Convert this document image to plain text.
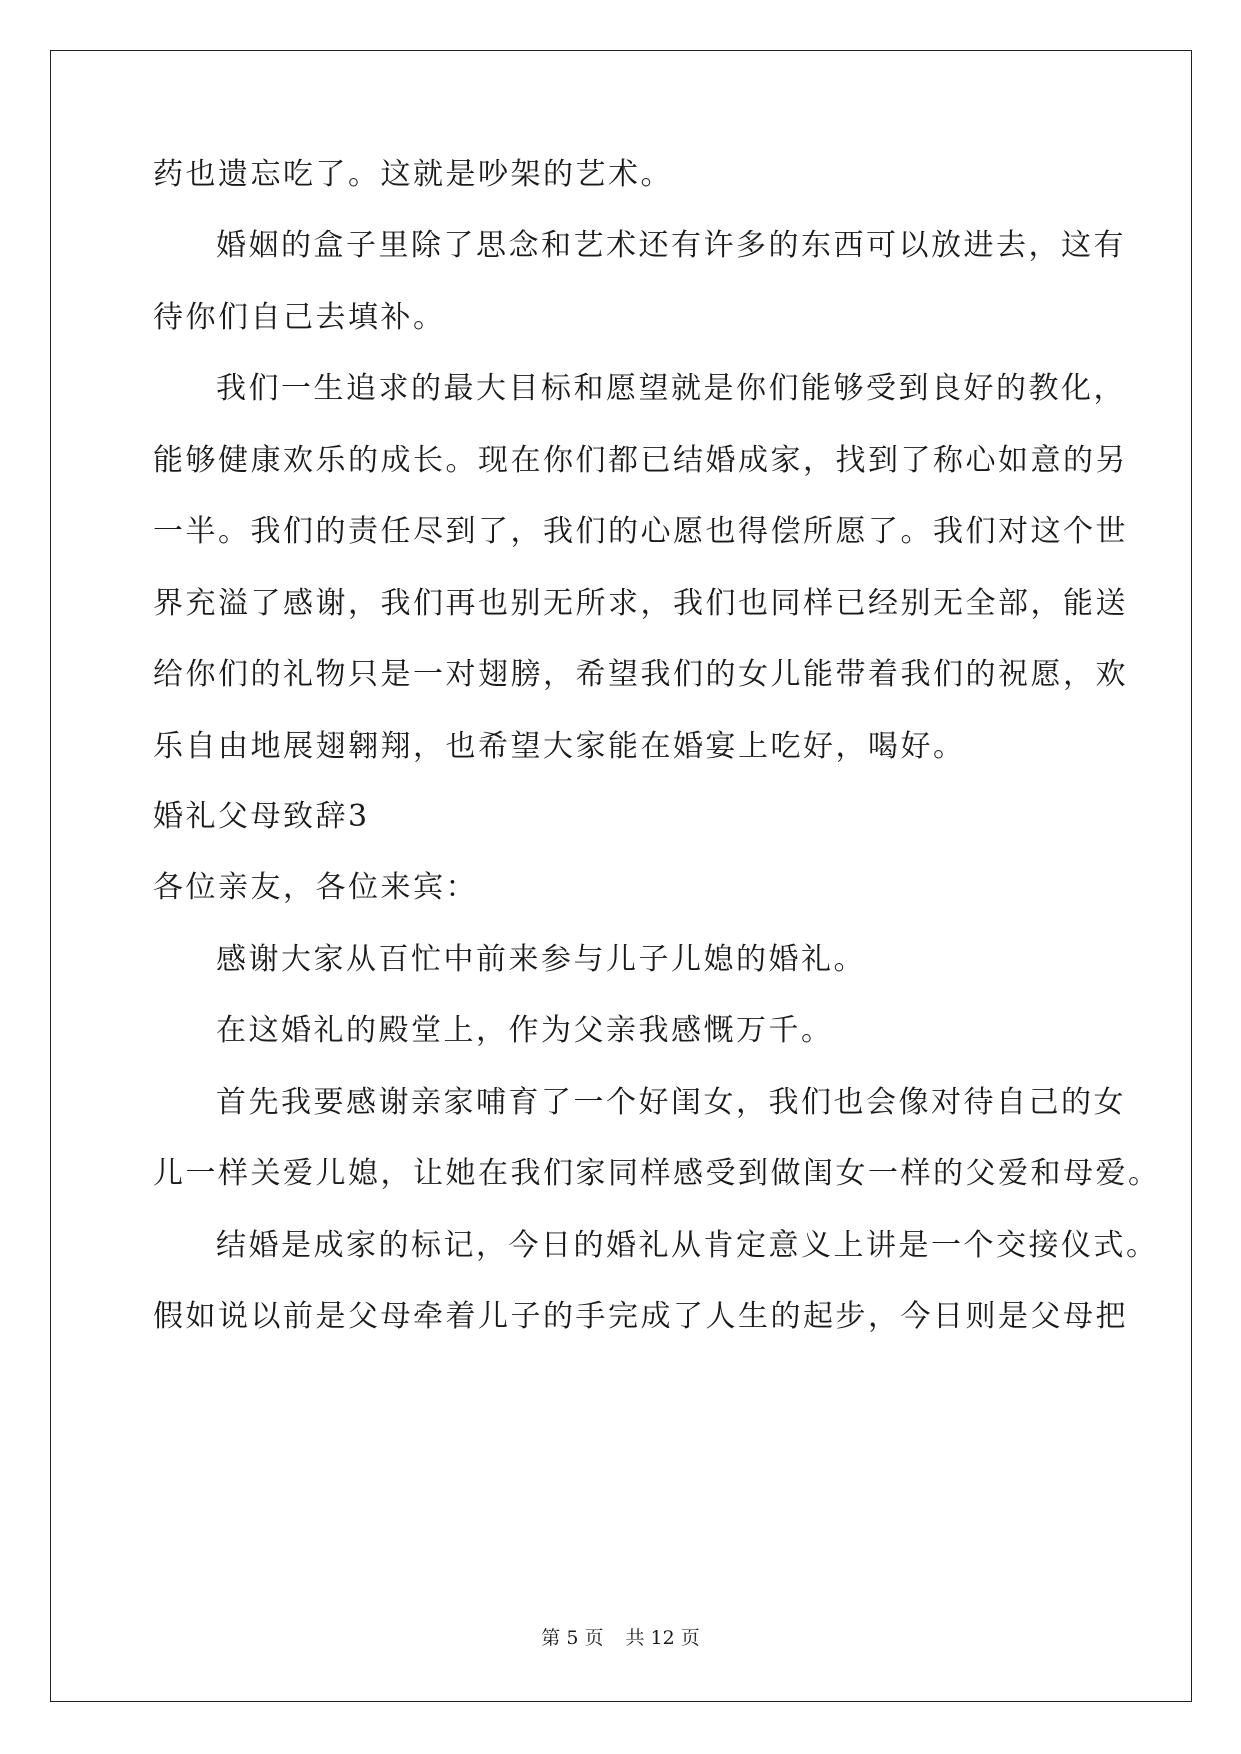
药也遗忘吃了。这就是吵架的艺术。
婚姻的盒子里除了思念和艺术还有许多的东西可以放进去，这有
待你们自己去填补。
我们一生追求的最大目标和愿望就是你们能够受到良好的教化，
能够健康欢乐的成长。现在你们都已结婚成家，找到了称心如意的另
一半。我们的责任尽到了，我们的心愿也得偿所愿了。我们对这个世
界充溢了感谢，我们再也别无所求，我们也同样已经别无全部，能送
给你们的礼物只是一对翅膀，希望我们的女儿能带着我们的祝愿，欢
乐自由地展翅翱翔，也希望大家能在婚宴上吃好，喝好。
婚礼父母致辞3
各位亲友，各位来宾：
感谢大家从百忙中前来参与儿子儿媳的婚礼。
在这婚礼的殿堂上，作为父亲我感慨万千。
首先我要感谢亲家哺育了一个好闺女，我们也会像对待自己的女
儿一样关爱儿媳，让她在我们家同样感受到做闺女一样的父爱和母爱。
结婚是成家的标记，今日的婚礼从肯定意义上讲是一个交接仪式。
假如说以前是父母牵着儿子的手完成了人生的起步，今日则是父母把
第 5 页 共 12 页
